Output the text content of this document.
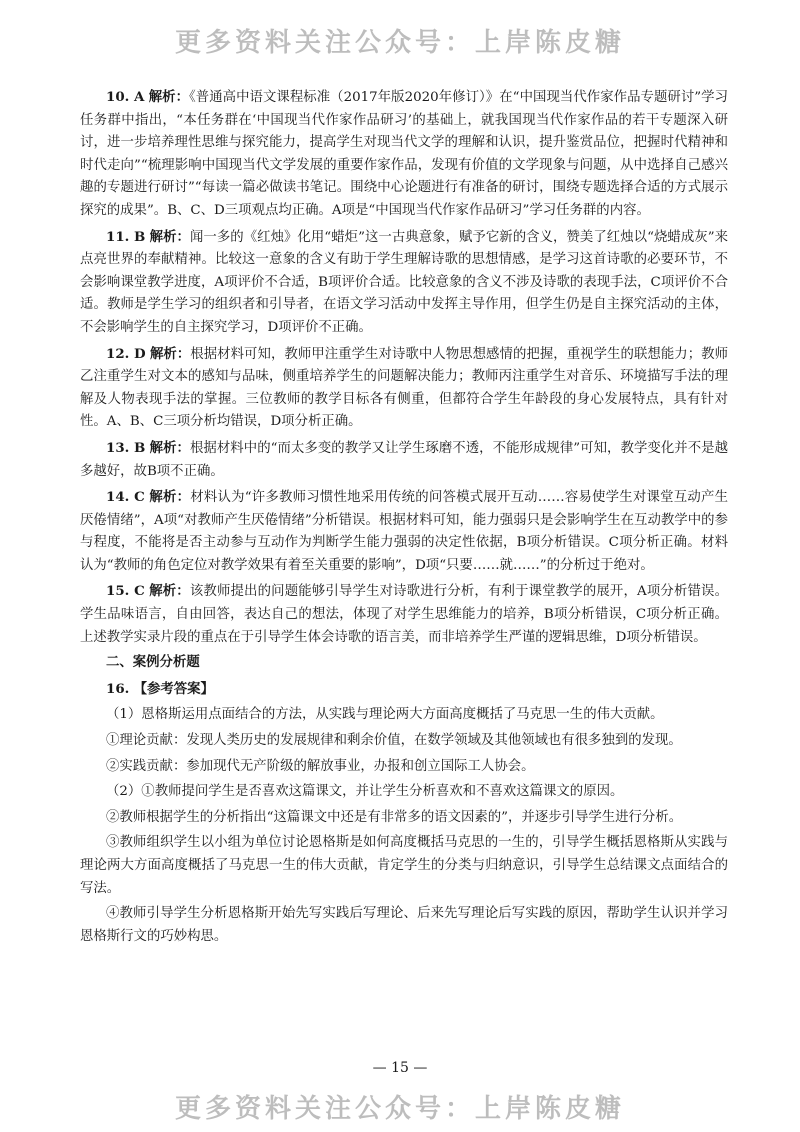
更多资料关注公众号：上岸陈皮糖

10. A 解析：《普通高中语文课程标准（2017年版2020年修订）》在“中国现当代作家作品专题研讨”学习任务群中指出，“本任务群在‘中国现当代作家作品研习’的基础上，就我国现当代作家作品的若干专题深入研讨，进一步培养理性思维与探究能力，提高学生对现当代文学的理解和认识，提升鉴赏品位，把握时代精神和时代走向”“梳理影响中国现当代文学发展的重要作家作品，发现有价值的文学现象与问题，从中选择自己感兴趣的专题进行研讨”“每读一篇必做读书笔记。围绕中心论题进行有准备的研讨，围绕专题选择合适的方式展示探究的成果”。B、C、D三项观点均正确。A项是“中国现当代作家作品研习”学习任务群的内容。

11. B 解析：闻一多的《红烛》化用“蜡炬”这一古典意象，赋予它新的含义，赞美了红烛以“烧蜡成灰”来点亮世界的奉献精神。比较这一意象的含义有助于学生理解诗歌的思想情感，是学习这首诗歌的必要环节，不会影响课堂教学进度，A项评价不合适，B项评价合适。比较意象的含义不涉及诗歌的表现手法，C项评价不合适。教师是学生学习的组织者和引导者，在语文学习活动中发挥主导作用，但学生仍是自主探究活动的主体，不会影响学生的自主探究学习，D项评价不正确。

12. D 解析：根据材料可知，教师甲注重学生对诗歌中人物思想感情的把握，重视学生的联想能力；教师乙注重学生对文本的感知与品味，侧重培养学生的问题解决能力；教师丙注重学生对音乐、环境描写手法的理解及人物表现手法的掌握。三位教师的教学目标各有侧重，但都符合学生年龄段的身心发展特点，具有针对性。A、B、C三项分析均错误，D项分析正确。

13. B 解析：根据材料中的“而太多变的教学又让学生琢磨不透，不能形成规律”可知，教学变化并不是越多越好，故B项不正确。

14. C 解析：材料认为“许多教师习惯性地采用传统的问答模式展开互动……容易使学生对课堂互动产生厌倦情绪”，A项“对教师产生厌倦情绪”分析错误。根据材料可知，能力强弱只是会影响学生在互动教学中的参与程度，不能将是否主动参与互动作为判断学生能力强弱的决定性依据，B项分析错误。C项分析正确。材料认为“教师的角色定位对教学效果有着至关重要的影响”，D项“只要……就……”的分析过于绝对。

15. C 解析：该教师提出的问题能够引导学生对诗歌进行分析，有利于课堂教学的展开，A项分析错误。学生品味语言，自由回答，表达自己的想法，体现了对学生思维能力的培养，B项分析错误，C项分析正确。上述教学实录片段的重点在于引导学生体会诗歌的语言美，而非培养学生严谨的逻辑思维，D项分析错误。

二、案例分析题

16. 【参考答案】

（1）恩格斯运用点面结合的方法，从实践与理论两大方面高度概括了马克思一生的伟大贡献。

①理论贡献：发现人类历史的发展规律和剩余价值，在数学领域及其他领域也有很多独到的发现。

②实践贡献：参加现代无产阶级的解放事业，办报和创立国际工人协会。

（2）①教师提问学生是否喜欢这篇课文，并让学生分析喜欢和不喜欢这篇课文的原因。

②教师根据学生的分析指出“这篇课文中还是有非常多的语文因素的”，并逐步引导学生进行分析。

③教师组织学生以小组为单位讨论恩格斯是如何高度概括马克思的一生的，引导学生概括恩格斯从实践与理论两大方面高度概括了马克思一生的伟大贡献，肯定学生的分类与归纳意识，引导学生总结课文点面结合的写法。

④教师引导学生分析恩格斯开始先写实践后写理论、后来先写理论后写实践的原因，帮助学生认识并学习恩格斯行文的巧妙构思。

— 15 —
更多资料关注公众号：上岸陈皮糖
